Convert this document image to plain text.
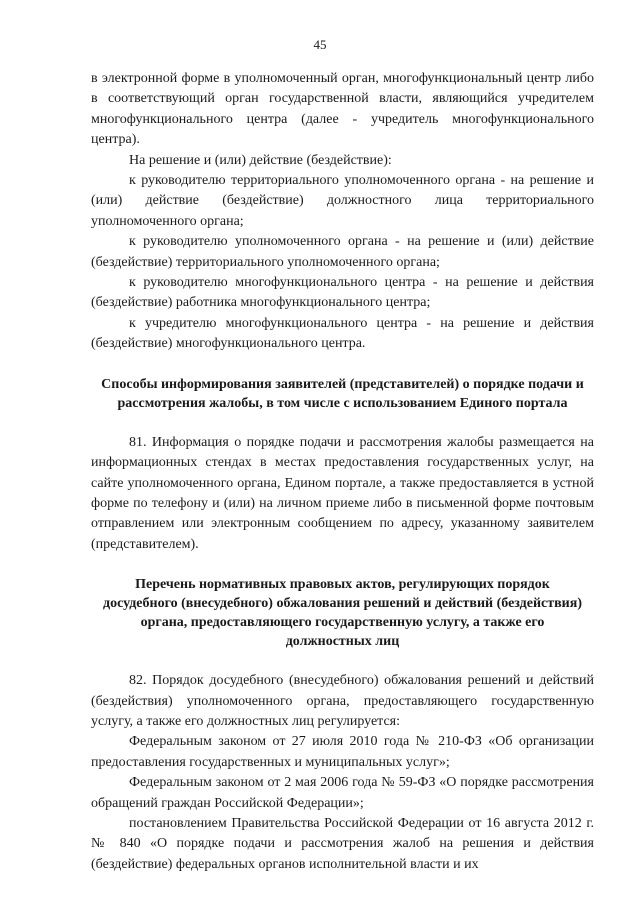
45

в электронной форме в уполномоченный орган, многофункциональный центр либо в соответствующий орган государственной власти, являющийся учредителем многофункционального центра (далее - учредитель многофункционального центра).

На решение и (или) действие (бездействие):

к руководителю территориального уполномоченного органа - на решение и (или) действие (бездействие) должностного лица территориального уполномоченного органа;

к руководителю уполномоченного органа - на решение и (или) действие (бездействие) территориального уполномоченного органа;

к руководителю многофункционального центра - на решение и действия (бездействие) работника многофункционального центра;

к учредителю многофункционального центра - на решение и действия (бездействие) многофункционального центра.

Способы информирования заявителей (представителей) о порядке подачи и рассмотрения жалобы, в том числе с использованием Единого портала

81. Информация о порядке подачи и рассмотрения жалобы размещается на информационных стендах в местах предоставления государственных услуг, на сайте уполномоченного органа, Едином портале, а также предоставляется в устной форме по телефону и (или) на личном приеме либо в письменной форме почтовым отправлением или электронным сообщением по адресу, указанному заявителем (представителем).

Перечень нормативных правовых актов, регулирующих порядок досудебного (внесудебного) обжалования решений и действий (бездействия) органа, предоставляющего государственную услугу, а также его должностных лиц

82. Порядок досудебного (внесудебного) обжалования решений и действий (бездействия) уполномоченного органа, предоставляющего государственную услугу, а также его должностных лиц регулируется:

Федеральным законом от 27 июля 2010 года № 210-ФЗ «Об организации предоставления государственных и муниципальных услуг»;

Федеральным законом от 2 мая 2006 года № 59-ФЗ «О порядке рассмотрения обращений граждан Российской Федерации»;

постановлением Правительства Российской Федерации от 16 августа 2012 г. № 840 «О порядке подачи и рассмотрения жалоб на решения и действия (бездействие) федеральных органов исполнительной власти и их
